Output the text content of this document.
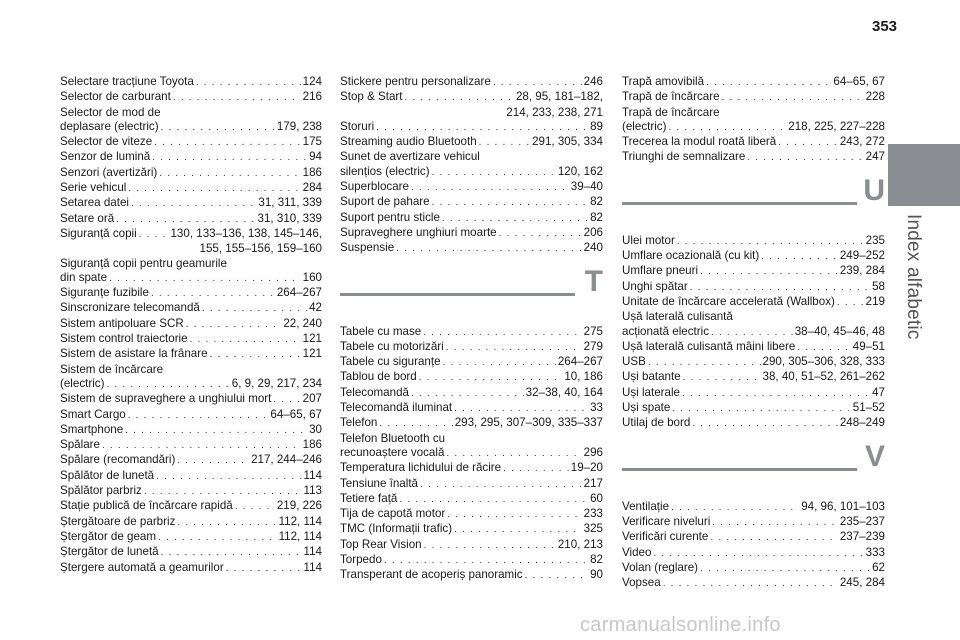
353
Index alfabetic
Selectare tracțiune Toyota . . .	124
Selector de carburant . . .	216
Selector de mod de
deplasare (electric) . . .	179, 238
Selector de viteze . . .	175
Senzor de lumină . . .	94
Senzori (avertizări) . . .	186
Serie vehicul . . .	284
Setarea datei . . .	31, 311, 339
Setare oră . . .	31, 310, 339
Siguranță copii . . .	130, 133–136, 138, 145–146,
155, 155–156, 159–160
Siguranță copii pentru geamurile
din spate . . .	160
Siguranțe fuzibile . . .	264–267
Sinscronizare telecomandă . . .	42
Sistem antipoluare SCR . . .	22, 240
Sistem control traiectorie . . .	121
Sistem de asistare la frânare . . .	121
Sistem de încărcare
(electric) . . .	6, 9, 29, 217, 234
Sistem de supraveghere a unghiului mort . . .	207
Smart Cargo . . .	64–65, 67
Smartphone . . .	30
Spălare . . .	186
Spălare (recomandări) . . .	217, 244–246
Spălător de lunetă . . .	114
Spălător parbriz . . .	113
Stație publică de încărcare rapidă . . .	219, 226
Ștergătoare de parbriz . . .	112, 114
Ștergător de geam . . .	112, 114
Ștergător de lunetă . . .	114
Ștergere automată a geamurilor . . .	114
Stickere pentru personalizare . . .	246
Stop & Start . . .	28, 95, 181–182,
214, 233, 238, 271
Storuri . . .	89
Streaming audio Bluetooth . . .	291, 305, 334
Sunet de avertizare vehicul
silențios (electric) . . .	120, 162
Superblocare . . .	39–40
Suport de pahare . . .	82
Suport pentru sticle . . .	82
Supraveghere unghiuri moarte . . .	206
Suspensie . . .	240
T
Tabele cu mase . . .	275
Tabele cu motorizări . . .	279
Tabele cu siguranțe . . .	264–267
Tablou de bord . . .	10, 186
Telecomandă . . .	32–38, 40, 164
Telecomandă iluminat . . .	33
Telefon . . .	293, 295, 307–309, 335–337
Telefon Bluetooth cu
recunoaștere vocală . . .	296
Temperatura lichidului de răcire . . .	19–20
Tensiune înaltă . . .	217
Tetiere față . . .	60
Tija de capotă motor . . .	233
TMC (Informații trafic) . . .	325
Top Rear Vision . . .	210, 213
Torpedo . . .	82
Transperant de acoperiș panoramic . . .	90
Trapă amovibilă . . .	64–65, 67
Trapă de încărcare . . .	228
Trapă de încărcare
(electric) . . .	218, 225, 227–228
Trecerea la modul roată liberă . . .	243, 272
Triunghi de semnalizare . . .	247
U
Ulei motor . . .	235
Umflare ocazională (cu kit) . . .	249–252
Umflare pneuri . . .	239, 284
Unghi spătar . . .	58
Unitate de încărcare accelerată (Wallbox) . . .	219
Ușă laterală culisantă
acționată electric . . .	38–40, 45–46, 48
Ușă laterală culisantă mâini libere . . .	49–51
USB . . .	290, 305–306, 328, 333
Uși batante . . .	38, 40, 51–52, 261–262
Uși laterale . . .	47
Uși spate . . .	51–52
Utilaj de bord . . .	248–249
V
Ventilație . . .	94, 96, 101–103
Verificare niveluri . . .	235–237
Verificări curente . . .	237–239
Video . . .	333
Volan (reglare) . . .	62
Vopsea . . .	245, 284
carmanualsonline.info
